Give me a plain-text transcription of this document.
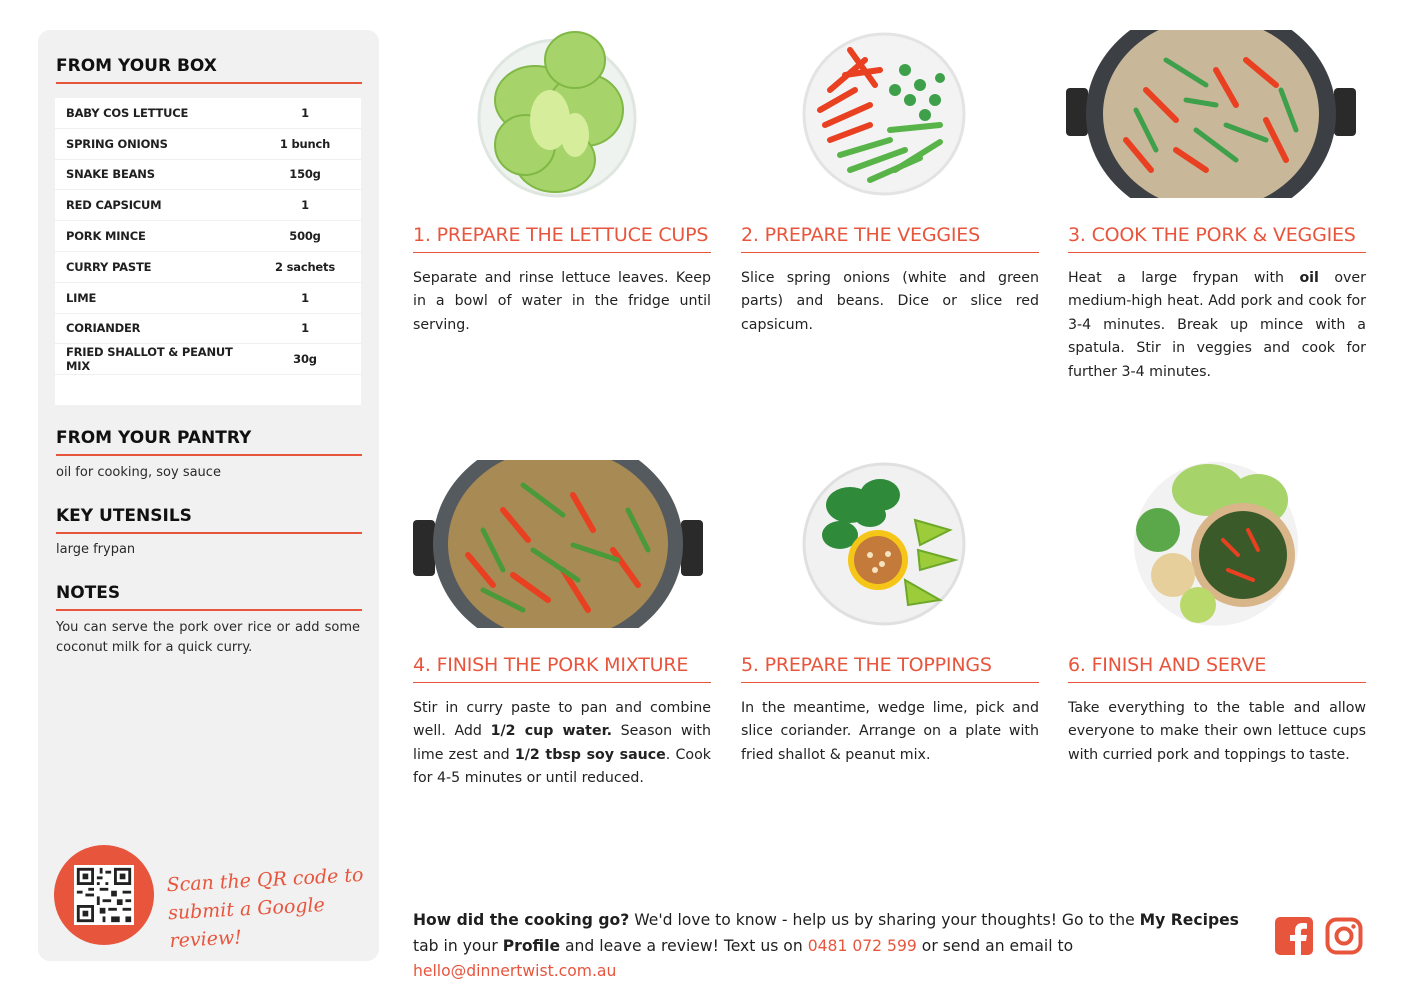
FROM YOUR BOX
BABY COS LETTUCE	1
SPRING ONIONS	1 bunch
SNAKE BEANS	150g
RED CAPSICUM	1
PORK MINCE	500g
CURRY PASTE	2 sachets
LIME	1
CORIANDER	1
FRIED SHALLOT & PEANUT MIX	30g
FROM YOUR PANTRY
oil for cooking, soy sauce
KEY UTENSILS
large frypan
NOTES
You can serve the pork over rice or add some coconut milk for a quick curry.
Scan the QR code to
submit a Google review!
1. PREPARE THE LETTUCE CUPS
Separate and rinse lettuce leaves. Keep in a bowl of water in the fridge until serving.
2. PREPARE THE VEGGIES
Slice spring onions (white and green parts) and beans. Dice or slice red capsicum.
3. COOK THE PORK & VEGGIES
Heat a large frypan with oil over medium-high heat. Add pork and cook for 3-4 minutes. Break up mince with a spatula. Stir in veggies and cook for further 3-4 minutes.
4. FINISH THE PORK MIXTURE
Stir in curry paste to pan and combine well. Add 1/2 cup water. Season with lime zest and 1/2 tbsp soy sauce. Cook for 4-5 minutes or until reduced.
5. PREPARE THE TOPPINGS
In the meantime, wedge lime, pick and slice coriander. Arrange on a plate with fried shallot & peanut mix.
6. FINISH AND SERVE
Take everything to the table and allow everyone to make their own lettuce cups with curried pork and toppings to taste.
How did the cooking go? We'd love to know - help us by sharing your thoughts! Go to the My Recipes tab in your Profile and leave a review! Text us on 0481 072 599 or send an email to hello@dinnertwist.com.au
